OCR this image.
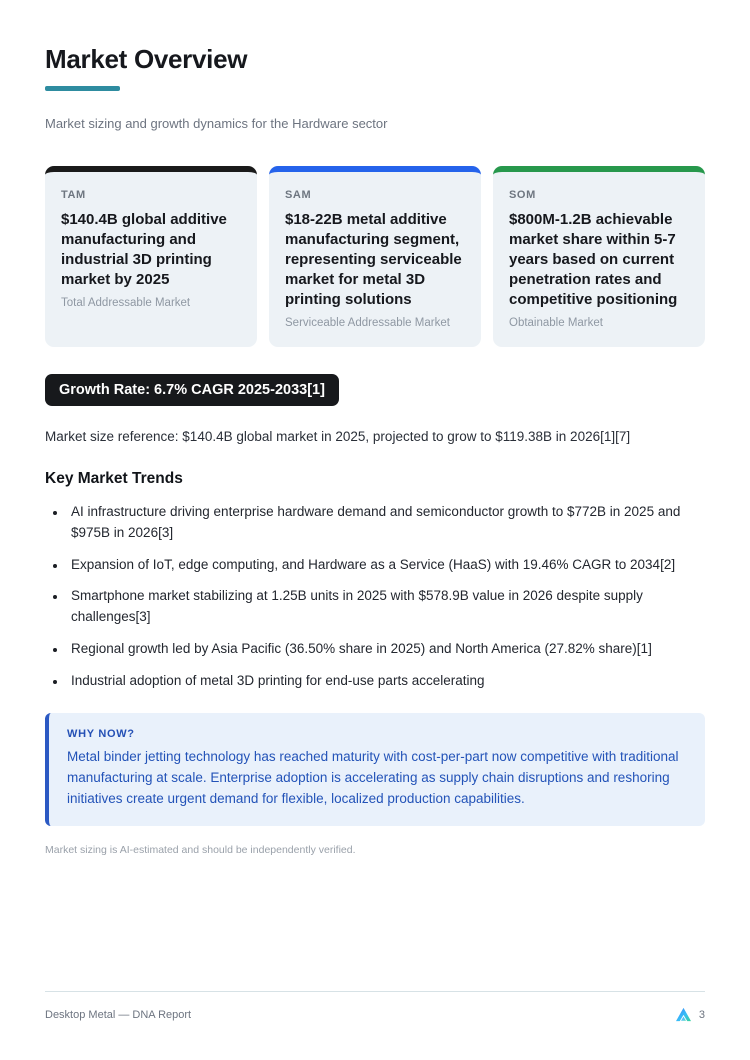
Market Overview

Market sizing and growth dynamics for the Hardware sector

TAM
$140.4B global additive manufacturing and industrial 3D printing market by 2025
Total Addressable Market
SAM
$18-22B metal additive manufacturing segment, representing serviceable market for metal 3D printing solutions
Serviceable Addressable Market
SOM
$800M-1.2B achievable market share within 5-7 years based on current penetration rates and competitive positioning
Obtainable Market
Growth Rate: 6.7% CAGR 2025-2033[1]

Market size reference: $140.4B global market in 2025, projected to grow to $119.38B in 2026[1][7]

Key Market Trends
• AI infrastructure driving enterprise hardware demand and semiconductor growth to $772B in 2025 and $975B in 2026[3]
• Expansion of IoT, edge computing, and Hardware as a Service (HaaS) with 19.46% CAGR to 2034[2]
• Smartphone market stabilizing at 1.25B units in 2025 with $578.9B value in 2026 despite supply challenges[3]
• Regional growth led by Asia Pacific (36.50% share in 2025) and North America (27.82% share)[1]
• Industrial adoption of metal 3D printing for end-use parts accelerating
WHY NOW?
Metal binder jetting technology has reached maturity with cost-per-part now competitive with traditional manufacturing at scale. Enterprise adoption is accelerating as supply chain disruptions and reshoring initiatives create urgent demand for flexible, localized production capabilities.

Market sizing is AI-estimated and should be independently verified.

Desktop Metal — DNA Report	3
